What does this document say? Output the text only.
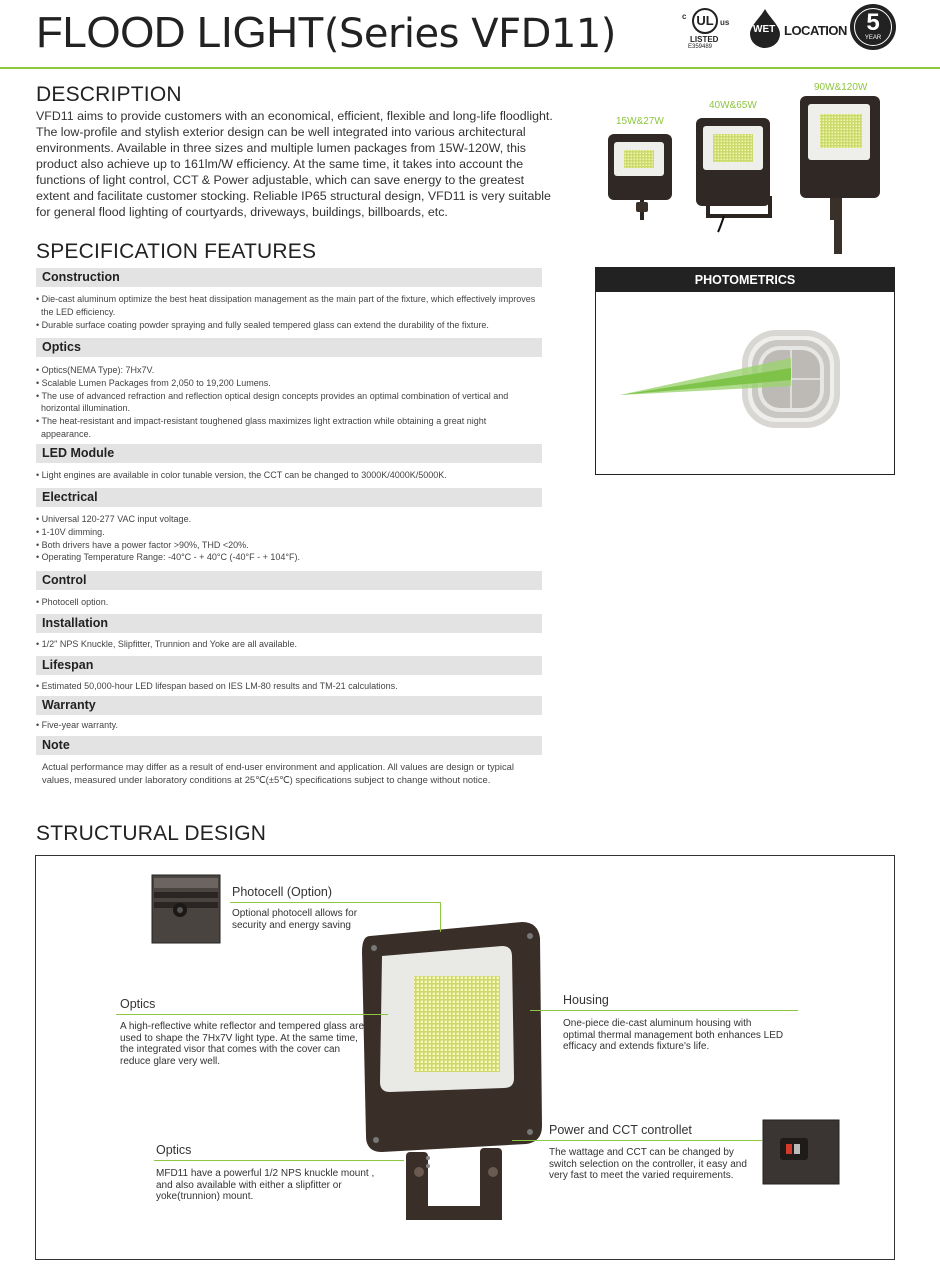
FLOOD LIGHT(Series VFD11)	c UL us
LISTED
E359489
WET LOCATION 5
YEAR
DESCRIPTION
VFD11 aims to provide customers with an economical, efficient, flexible and long-life floodlight. The low-profile and stylish exterior design can be well integrated into various architectural environments. Available in three sizes and multiple lumen packages from 15W-120W, this product also achieve up to 161lm/W efficiency. At the same time, it takes into account the functions of light control, CCT & Power adjustable, which can save energy to the greatest extent and facilitate customer stocking. Reliable IP65 structural design, VFD11 is very suitable for general flood lighting of courtyards, driveways, buildings, billboards, etc.
15W&27W
40W&65W
90W&120W
PHOTOMETRICS
SPECIFICATION FEATURES
Construction
• Die-cast aluminum optimize the best heat dissipation management as the main part of the fixture, which effectively improves the LED efficiency.
• Durable surface coating powder spraying and fully sealed tempered glass can extend the durability of the fixture.
Optics
• Optics(NEMA Type): 7Hx7V.
• Scalable Lumen Packages from 2,050 to 19,200 Lumens.
• The use of advanced refraction and reflection optical design concepts provides an optimal combination of vertical and horizontal illumination.
• The heat-resistant and impact-resistant toughened glass maximizes light extraction while obtaining a great night appearance.
LED Module
• Light engines are available in color tunable version, the CCT can be changed to 3000K/4000K/5000K.
Electrical
• Universal 120-277 VAC input voltage.
• 1-10V dimming.
• Both drivers have a power factor >90%, THD <20%.
• Operating Temperature Range: -40°C - + 40°C (-40°F - + 104°F).
Control
• Photocell option.
Installation
• 1/2" NPS Knuckle, Slipfitter, Trunnion and Yoke are all available.
Lifespan
• Estimated 50,000-hour LED lifespan based on IES LM-80 results and TM-21 calculations.
Warranty
• Five-year warranty.
Note
Actual performance may differ as a result of end-user environment and application. All values are design or typical values, measured under laboratory conditions at 25℃(±5℃) specifications subject to change without notice.
STRUCTURAL DESIGN
Photocell (Option)
Optional photocell allows for security and energy saving
Optics
A high-reflective white reflector and tempered glass are used to shape the 7Hx7V light type. At the same time, the integrated visor that comes with the cover can reduce glare very well.
Housing
One-piece die-cast aluminum housing with optimal thermal management both enhances LED efficacy and extends fixture's life.
Optics
MFD11 have a powerful 1/2 NPS knuckle mount , and also available with either a slipfitter or yoke(trunnion) mount.
Power and CCT controllet
The wattage and CCT can be changed by switch selection on the controller, it easy and very fast to meet the varied requirements.
